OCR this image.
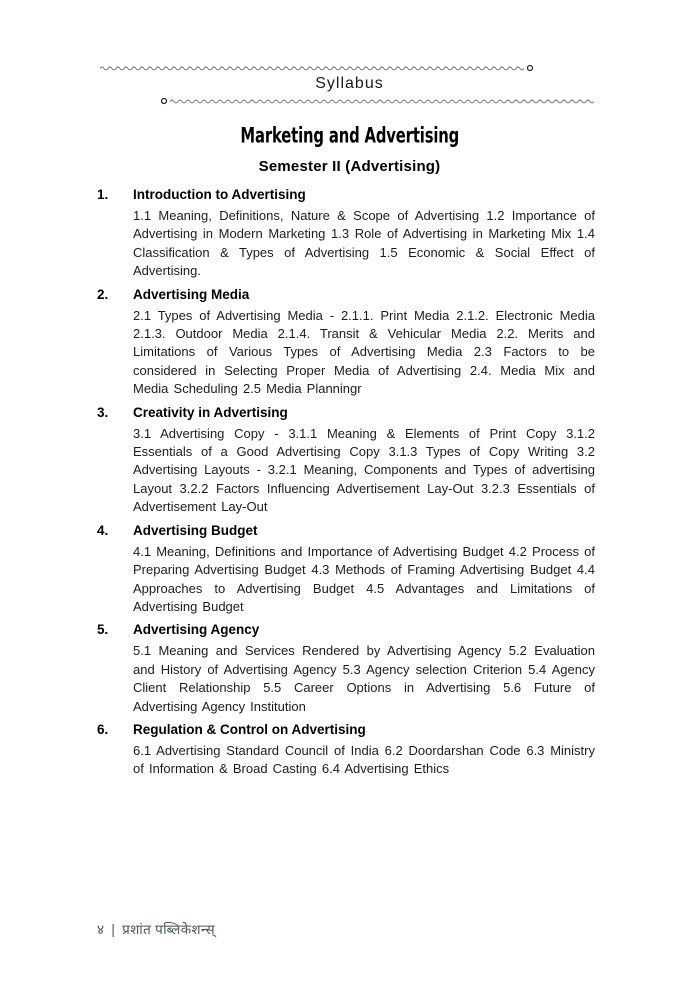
Syllabus
Marketing and Advertising
Semester II (Advertising)
1.	Introduction to Advertising
1.1 Meaning, Definitions, Nature & Scope of Advertising 1.2 Importance of Advertising in Modern Marketing 1.3 Role of Advertising in Marketing Mix 1.4 Classification & Types of Advertising 1.5 Economic & Social Effect of Advertising.
2.	Advertising Media
2.1 Types of Advertising Media - 2.1.1. Print Media 2.1.2. Electronic Media 2.1.3. Outdoor Media 2.1.4. Transit & Vehicular Media 2.2. Merits and Limitations of Various Types of Advertising Media 2.3 Factors to be considered in Selecting Proper Media of Advertising 2.4. Media Mix and Media Scheduling 2.5 Media Planningr
3.	Creativity in Advertising
3.1 Advertising Copy - 3.1.1 Meaning & Elements of Print Copy 3.1.2 Essentials of a Good Advertising Copy 3.1.3 Types of Copy Writing 3.2 Advertising Layouts - 3.2.1 Meaning, Components and Types of advertising Layout 3.2.2 Factors Influencing Advertisement Lay-Out 3.2.3 Essentials of Advertisement Lay-Out
4.	Advertising Budget
4.1 Meaning, Definitions and Importance of Advertising Budget 4.2 Process of Preparing Advertising Budget 4.3 Methods of Framing Advertising Budget 4.4 Approaches to Advertising Budget 4.5 Advantages and Limitations of Advertising Budget
5.	Advertising Agency
5.1 Meaning and Services Rendered by Advertising Agency 5.2 Evaluation and History of Advertising Agency 5.3 Agency selection Criterion 5.4 Agency Client Relationship 5.5 Career Options in Advertising 5.6 Future of Advertising Agency Institution
6.	Regulation & Control on Advertising
6.1 Advertising Standard Council of India 6.2 Doordarshan Code 6.3 Ministry of Information & Broad Casting 6.4 Advertising Ethics
४ | प्रशांत पब्लिकेशन्स्
